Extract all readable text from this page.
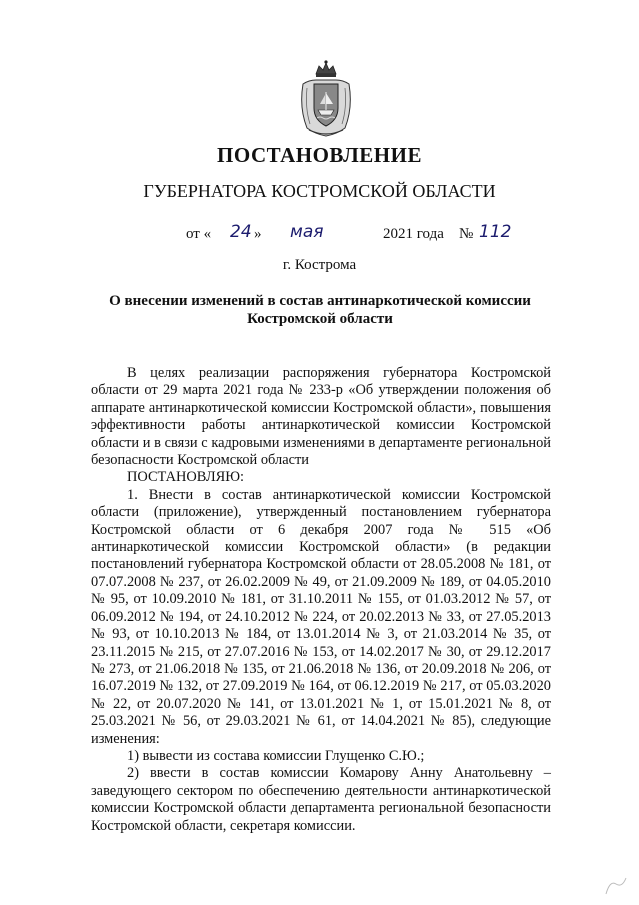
ПОСТАНОВЛЕНИЕ
ГУБЕРНАТОРА КОСТРОМСКОЙ ОБЛАСТИ
от « 24 » мая	2021 года № 112
г. Кострома
О внесении изменений в состав антинаркотической комиссии
Костромской области

В целях реализации распоряжения губернатора Костромской области от 29 марта 2021 года № 233-р «Об утверждении положения об аппарате антинаркотической комиссии Костромской области», повышения эффективности работы антинаркотической комиссии Костромской области и в связи с кадровыми изменениями в департаменте региональной безопасности Костромской области

ПОСТАНОВЛЯЮ:

1. Внести в состав антинаркотической комиссии Костромской области (приложение), утвержденный постановлением губернатора Костромской области от 6 декабря 2007 года № 515 «Об антинаркотической комиссии Костромской области» (в редакции постановлений губернатора Костромской области от 28.05.2008 № 181, от 07.07.2008 № 237, от 26.02.2009 № 49, от 21.09.2009 № 189, от 04.05.2010 № 95, от 10.09.2010 № 181, от 31.10.2011 № 155, от 01.03.2012 № 57, от 06.09.2012 № 194, от 24.10.2012 № 224, от 20.02.2013 № 33, от 27.05.2013 № 93, от 10.10.2013 № 184, от 13.01.2014 № 3, от 21.03.2014 № 35, от 23.11.2015 № 215, от 27.07.2016 № 153, от 14.02.2017 № 30, от 29.12.2017 № 273, от 21.06.2018 № 135, от 21.06.2018 № 136, от 20.09.2018 № 206, от 16.07.2019 № 132, от 27.09.2019 № 164, от 06.12.2019 № 217, от 05.03.2020 № 22, от 20.07.2020 № 141, от 13.01.2021 № 1, от 15.01.2021 № 8, от 25.03.2021 № 56, от 29.03.2021 № 61, от 14.04.2021 № 85), следующие изменения:

1) вывести из состава комиссии Глущенко С.Ю.;

2) ввести в состав комиссии Комарову Анну Анатольевну – заведующего сектором по обеспечению деятельности антинаркотической комиссии Костромской области департамента региональной безопасности Костромской области, секретаря комиссии.
